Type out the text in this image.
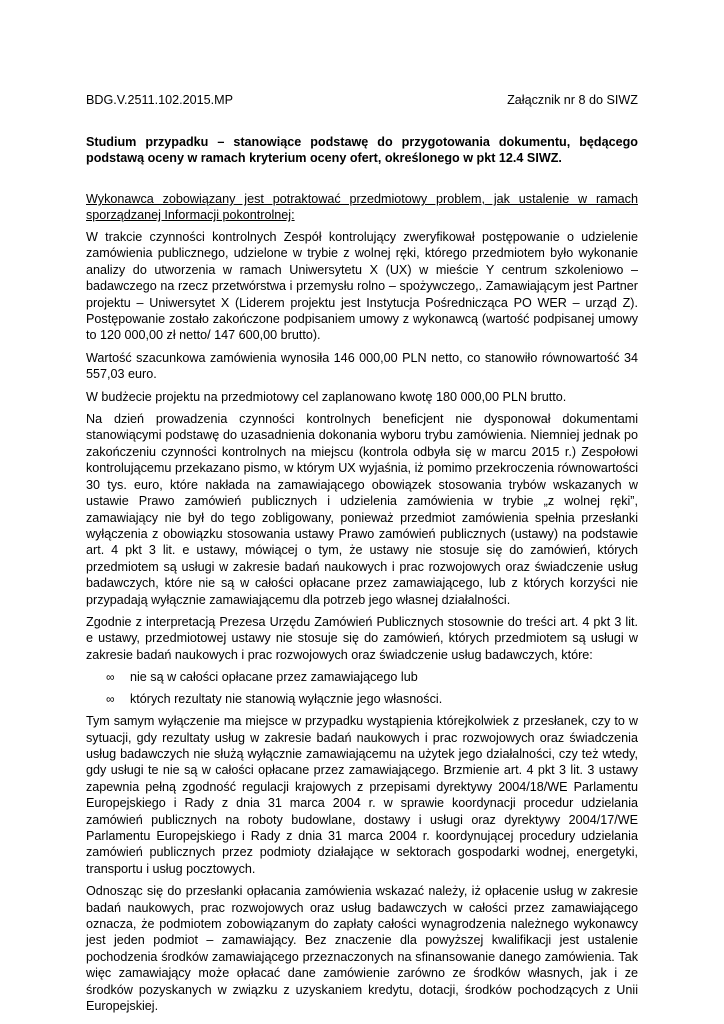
BDG.V.2511.102.2015.MP	Załącznik nr 8 do SIWZ
Studium przypadku – stanowiące podstawę do przygotowania dokumentu, będącego podstawą oceny w ramach kryterium oceny ofert, określonego w pkt 12.4 SIWZ.
Wykonawca zobowiązany jest potraktować przedmiotowy problem, jak ustalenie w ramach sporządzanej Informacji pokontrolnej:

W trakcie czynności kontrolnych Zespół kontrolujący zweryfikował postępowanie o udzielenie zamówienia publicznego, udzielone w trybie z wolnej ręki, którego przedmiotem było wykonanie analizy do utworzenia w ramach Uniwersytetu X (UX) w mieście Y centrum szkoleniowo – badawczego na rzecz przetwórstwa i przemysłu rolno – spożywczego,. Zamawiającym jest Partner projektu – Uniwersytet X (Liderem projektu jest Instytucja Pośrednicząca PO WER – urząd Z). Postępowanie zostało zakończone podpisaniem umowy z wykonawcą (wartość podpisanej umowy to 120 000,00 zł netto/ 147 600,00 brutto).

Wartość szacunkowa zamówienia wynosiła 146 000,00 PLN netto, co stanowiło równowartość 34 557,03 euro.

W budżecie projektu na przedmiotowy cel zaplanowano kwotę 180 000,00 PLN brutto.

Na dzień prowadzenia czynności kontrolnych beneficjent nie dysponował dokumentami stanowiącymi podstawę do uzasadnienia dokonania wyboru trybu zamówienia. Niemniej jednak po zakończeniu czynności kontrolnych na miejscu (kontrola odbyła się w marcu 2015 r.) Zespołowi kontrolującemu przekazano pismo, w którym UX wyjaśnia, iż pomimo przekroczenia równowartości 30 tys. euro, które nakłada na zamawiającego obowiązek stosowania trybów wskazanych w ustawie Prawo zamówień publicznych i udzielenia zamówienia w trybie „z wolnej ręki”, zamawiający nie był do tego zobligowany, ponieważ przedmiot zamówienia spełnia przesłanki wyłączenia z obowiązku stosowania ustawy Prawo zamówień publicznych (ustawy) na podstawie art. 4 pkt 3 lit. e ustawy, mówiącej o tym, że ustawy nie stosuje się do zamówień, których przedmiotem są usługi w zakresie badań naukowych i prac rozwojowych oraz świadczenie usług badawczych, które nie są w całości opłacane przez zamawiającego, lub z których korzyści nie przypadają wyłącznie zamawiającemu dla potrzeb jego własnej działalności.

Zgodnie z interpretacją Prezesa Urzędu Zamówień Publicznych stosownie do treści art. 4 pkt 3 lit. e ustawy, przedmiotowej ustawy nie stosuje się do zamówień, których przedmiotem są usługi w zakresie badań naukowych i prac rozwojowych oraz świadczenie usług badawczych, które:

∞	nie są w całości opłacane przez zamawiającego lub
∞	których rezultaty nie stanowią wyłącznie jego własności.

Tym samym wyłączenie ma miejsce w przypadku wystąpienia którejkolwiek z przesłanek, czy to w sytuacji, gdy rezultaty usług w zakresie badań naukowych i prac rozwojowych oraz świadczenia usług badawczych nie służą wyłącznie zamawiającemu na użytek jego działalności, czy też wtedy, gdy usługi te nie są w całości opłacane przez zamawiającego. Brzmienie art. 4 pkt 3 lit. 3 ustawy zapewnia pełną zgodność regulacji krajowych z przepisami dyrektywy 2004/18/WE Parlamentu Europejskiego i Rady z dnia 31 marca 2004 r. w sprawie koordynacji procedur udzielania zamówień publicznych na roboty budowlane, dostawy i usługi oraz dyrektywy 2004/17/WE Parlamentu Europejskiego i Rady z dnia 31 marca 2004 r. koordynującej procedury udzielania zamówień publicznych przez podmioty działające w sektorach gospodarki wodnej, energetyki, transportu i usług pocztowych.

Odnosząc się do przesłanki opłacania zamówienia wskazać należy, iż opłacenie usług w zakresie badań naukowych, prac rozwojowych oraz usług badawczych w całości przez zamawiającego oznacza, że podmiotem zobowiązanym do zapłaty całości wynagrodzenia należnego wykonawcy jest jeden podmiot – zamawiający. Bez znaczenie dla powyższej kwalifikacji jest ustalenie pochodzenia środków zamawiającego przeznaczonych na sfinansowanie danego zamówienia. Tak więc zamawiający może opłacać dane zamówienie zarówno ze środków własnych, jak i ze środków pozyskanych w związku z uzyskaniem kredytu, dotacji, środków pochodzących z Unii Europejskiej.
